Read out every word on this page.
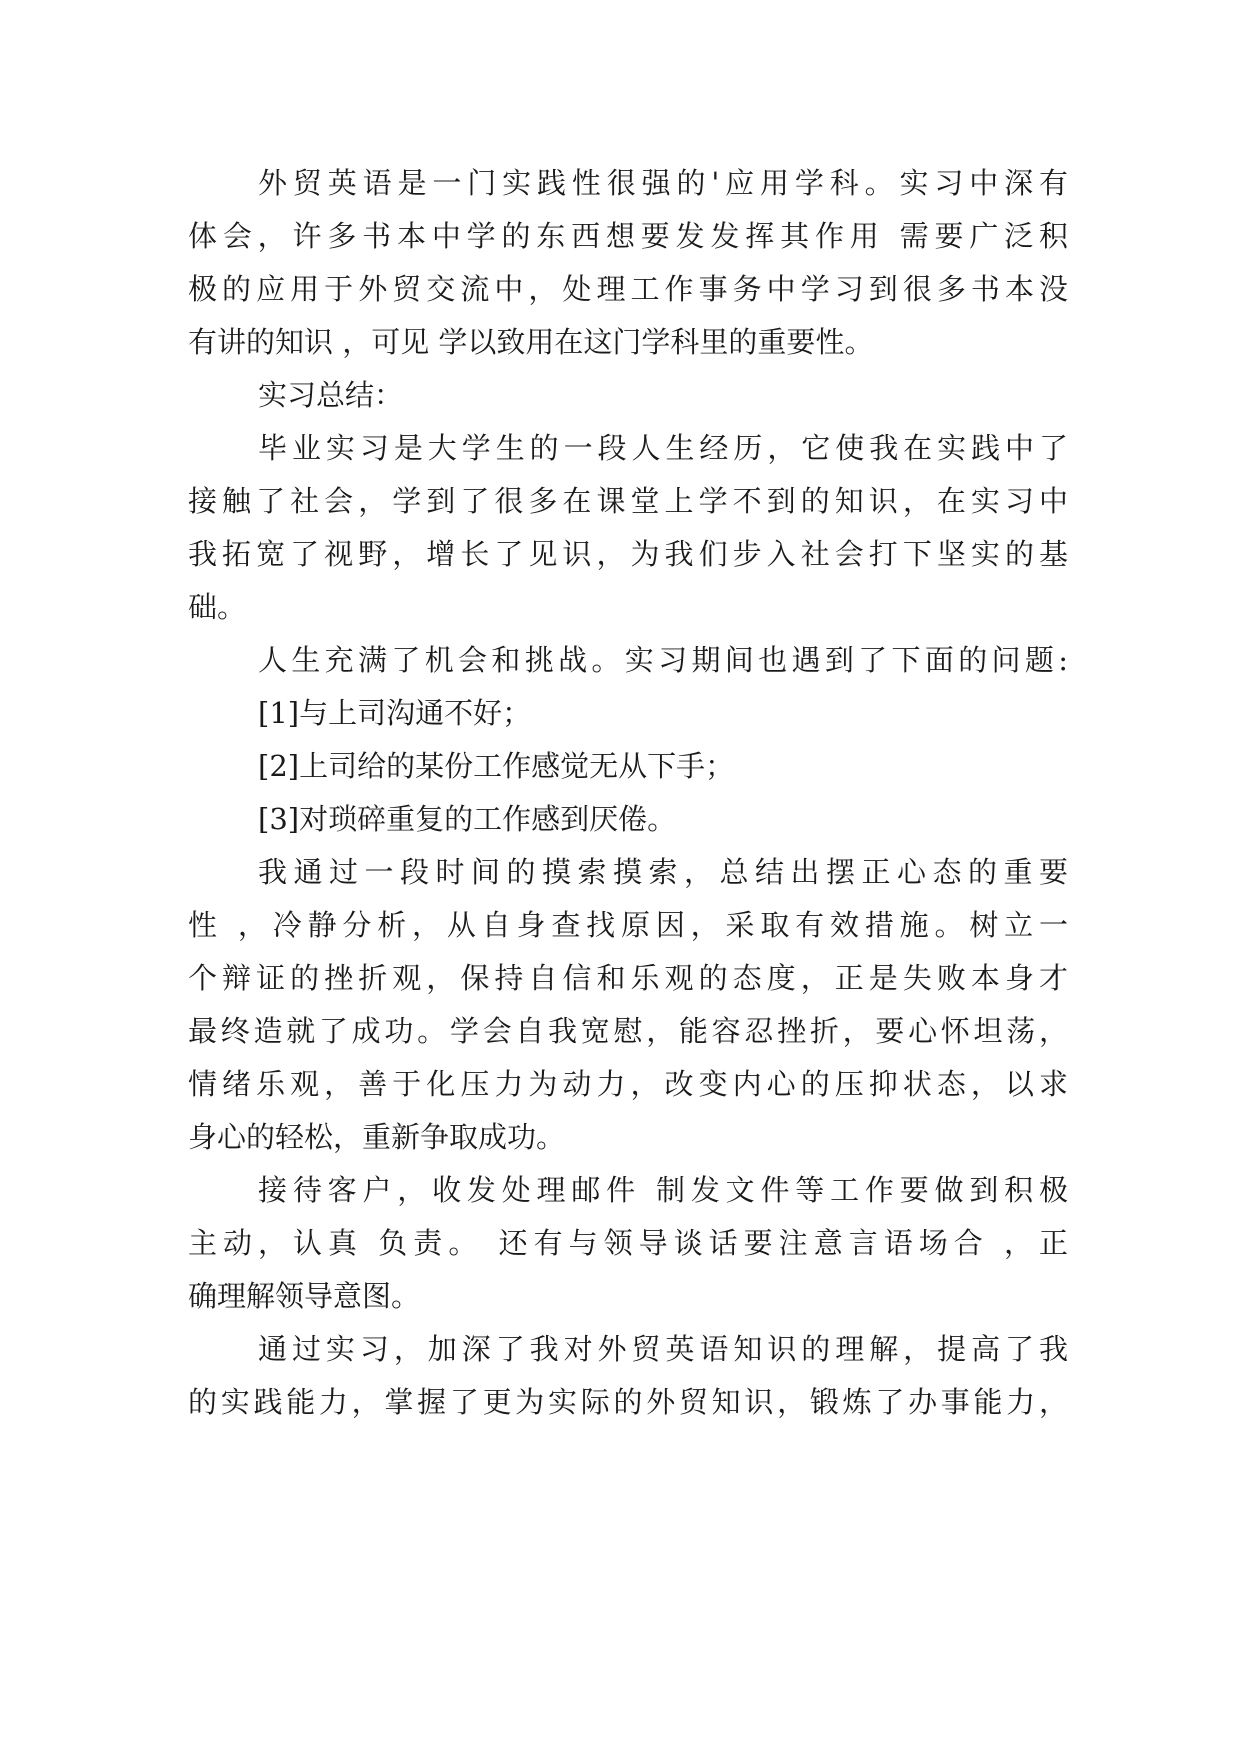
外贸英语是一门实践性很强的'应用学科。实习中深有
体会，许多书本中学的东西想要发发挥其作用 需要广泛积
极的应用于外贸交流中，处理工作事务中学习到很多书本没
有讲的知识 ，可见 学以致用在这门学科里的重要性。
实习总结：
毕业实习是大学生的一段人生经历，它使我在实践中了
接触了社会，学到了很多在课堂上学不到的知识，在实习中
我拓宽了视野，增长了见识，为我们步入社会打下坚实的基
础。
人生充满了机会和挑战。实习期间也遇到了下面的问题:
[1]与上司沟通不好；
[2]上司给的某份工作感觉无从下手；
[3]对琐碎重复的工作感到厌倦。
我通过一段时间的摸索摸索，总结出摆正心态的重要
性 ，冷静分析，从自身查找原因，采取有效措施。树立一
个辩证的挫折观，保持自信和乐观的态度，正是失败本身才
最终造就了成功。学会自我宽慰，能容忍挫折，要心怀坦荡，
情绪乐观，善于化压力为动力，改变内心的压抑状态，以求
身心的轻松，重新争取成功。
接待客户，收发处理邮件 制发文件等工作要做到积极
主动，认真 负责。 还有与领导谈话要注意言语场合 ，正
确理解领导意图。
通过实习，加深了我对外贸英语知识的理解，提高了我
的实践能力，掌握了更为实际的外贸知识，锻炼了办事能力，
